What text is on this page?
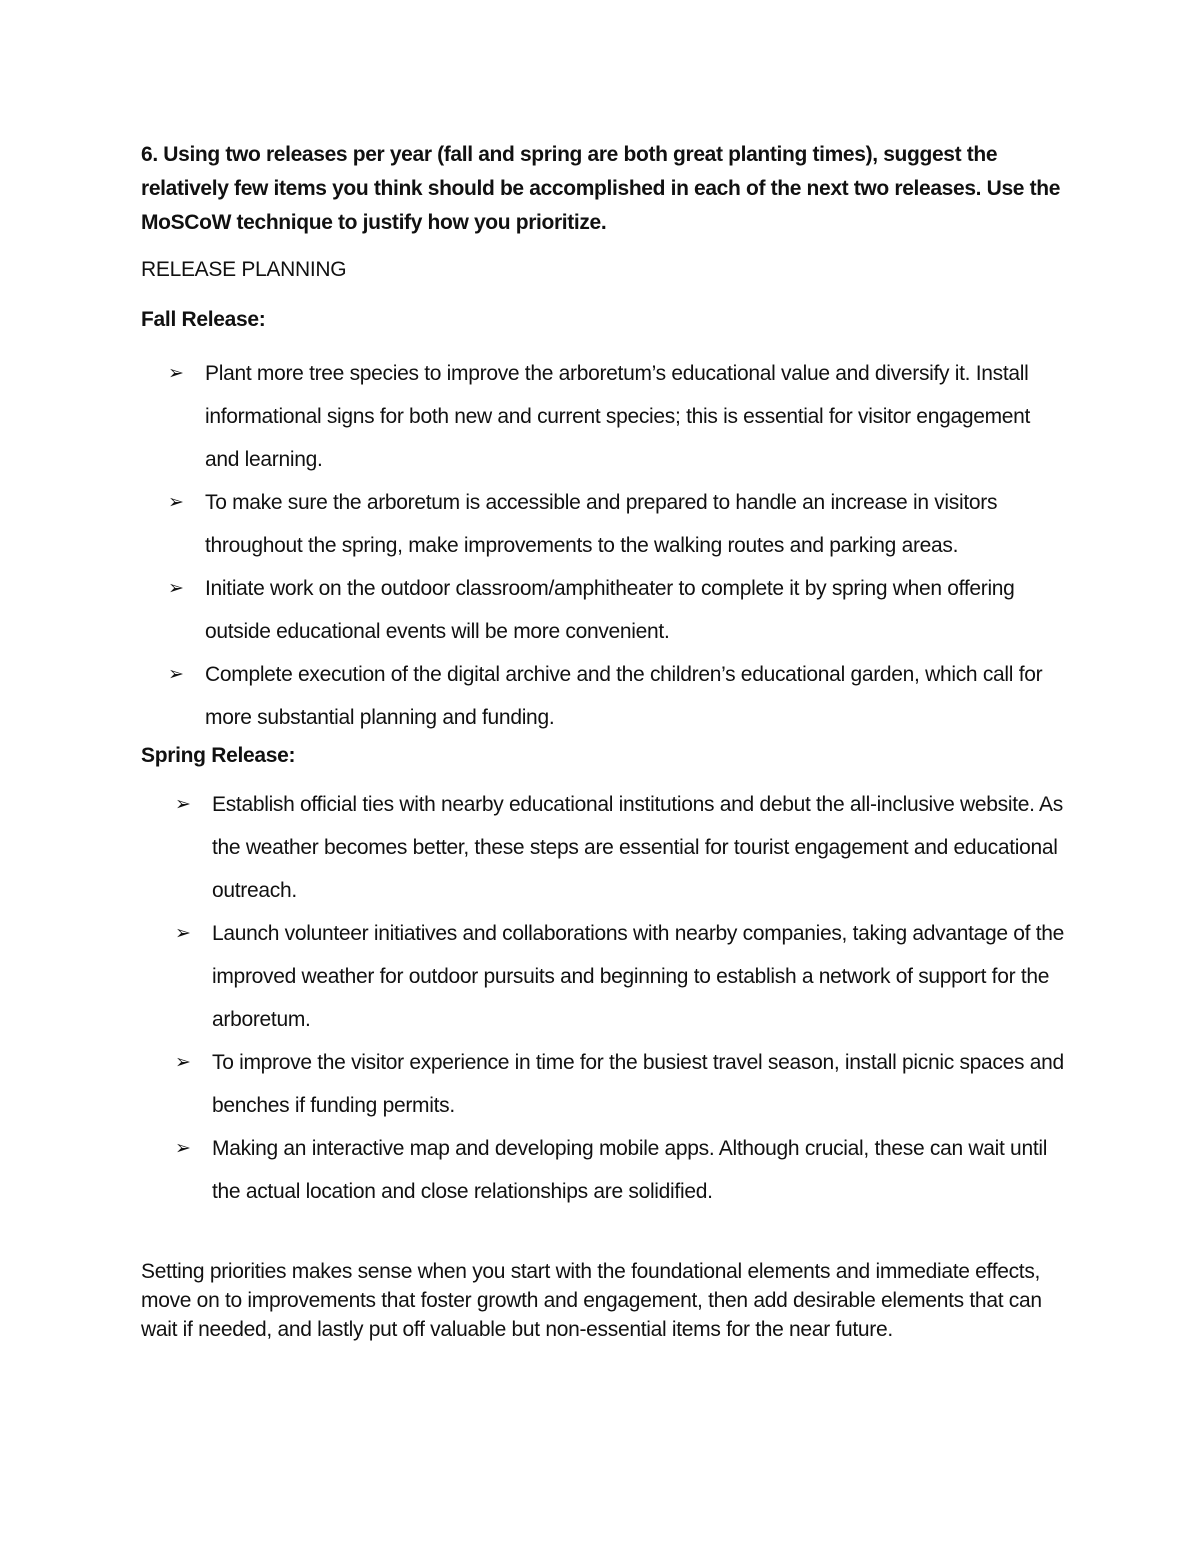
6. Using two releases per year (fall and spring are both great planting times), suggest the relatively few items you think should be accomplished in each of the next two releases. Use the MoSCoW technique to justify how you prioritize.

RELEASE PLANNING

Fall Release:

➢ Plant more tree species to improve the arboretum’s educational value and diversify it. Install informational signs for both new and current species; this is essential for visitor engagement and learning.
➢ To make sure the arboretum is accessible and prepared to handle an increase in visitors throughout the spring, make improvements to the walking routes and parking areas.
➢ Initiate work on the outdoor classroom/amphitheater to complete it by spring when offering outside educational events will be more convenient.
➢ Complete execution of the digital archive and the children’s educational garden, which call for more substantial planning and funding.

Spring Release:

➢ Establish official ties with nearby educational institutions and debut the all-inclusive website. As the weather becomes better, these steps are essential for tourist engagement and educational outreach.
➢ Launch volunteer initiatives and collaborations with nearby companies, taking advantage of the improved weather for outdoor pursuits and beginning to establish a network of support for the arboretum.
➢ To improve the visitor experience in time for the busiest travel season, install picnic spaces and benches if funding permits.
➢ Making an interactive map and developing mobile apps. Although crucial, these can wait until the actual location and close relationships are solidified.

Setting priorities makes sense when you start with the foundational elements and immediate effects, move on to improvements that foster growth and engagement, then add desirable elements that can wait if needed, and lastly put off valuable but non-essential items for the near future.
